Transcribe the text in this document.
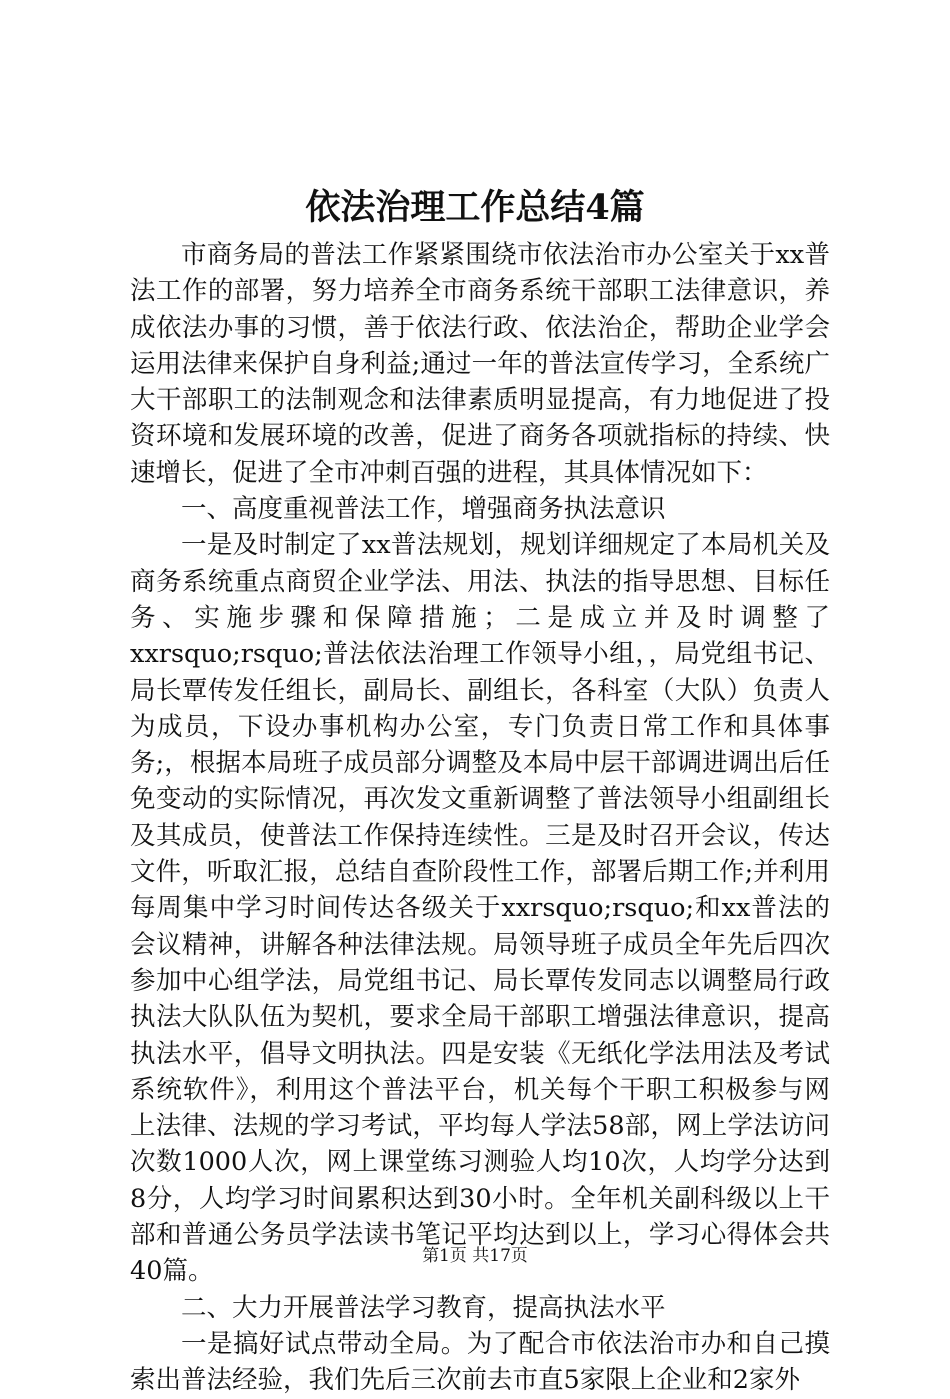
依法治理工作总结4篇

市商务局的普法工作紧紧围绕市依法治市办公室关于xx普法工作的部署，努力培养全市商务系统干部职工法律意识，养成依法办事的习惯，善于依法行政、依法治企，帮助企业学会运用法律来保护自身利益;通过一年的普法宣传学习，全系统广大干部职工的法制观念和法律素质明显提高，有力地促进了投资环境和发展环境的改善，促进了商务各项就指标的持续、快速增长，促进了全市冲刺百强的进程，其具体情况如下：

一、高度重视普法工作，增强商务执法意识

一是及时制定了xx普法规划，规划详细规定了本局机关及商务系统重点商贸企业学法、用法、执法的指导思想、目标任务、实施步骤和保障措施；二是成立并及时调整了xxrsquo;rsquo;普法依法治理工作领导小组，，局党组书记、局长覃传发任组长，副局长、副组长，各科室（大队）负责人为成员，下设办事机构办公室，专门负责日常工作和具体事务;，根据本局班子成员部分调整及本局中层干部调进调出后任免变动的实际情况，再次发文重新调整了普法领导小组副组长及其成员，使普法工作保持连续性。三是及时召开会议，传达文件，听取汇报，总结自查阶段性工作，部署后期工作;并利用每周集中学习时间传达各级关于xxrsquo;rsquo;和xx普法的会议精神，讲解各种法律法规。局领导班子成员全年先后四次参加中心组学法，局党组书记、局长覃传发同志以调整局行政执法大队队伍为契机，要求全局干部职工增强法律意识，提高执法水平，倡导文明执法。四是安装《无纸化学法用法及考试系统软件》，利用这个普法平台，机关每个干职工积极参与网上法律、法规的学习考试，平均每人学法58部，网上学法访问次数1000人次，网上课堂练习测验人均10次，人均学分达到8分，人均学习时间累积达到30小时。全年机关副科级以上干部和普通公务员学法读书笔记平均达到以上，学习心得体会共40篇。

二、大力开展普法学习教育，提高执法水平

一是搞好试点带动全局。为了配合市依法治市办和自己摸索出普法经验，我们先后三次前去市直5家限上企业和2家外

第1页 共17页
